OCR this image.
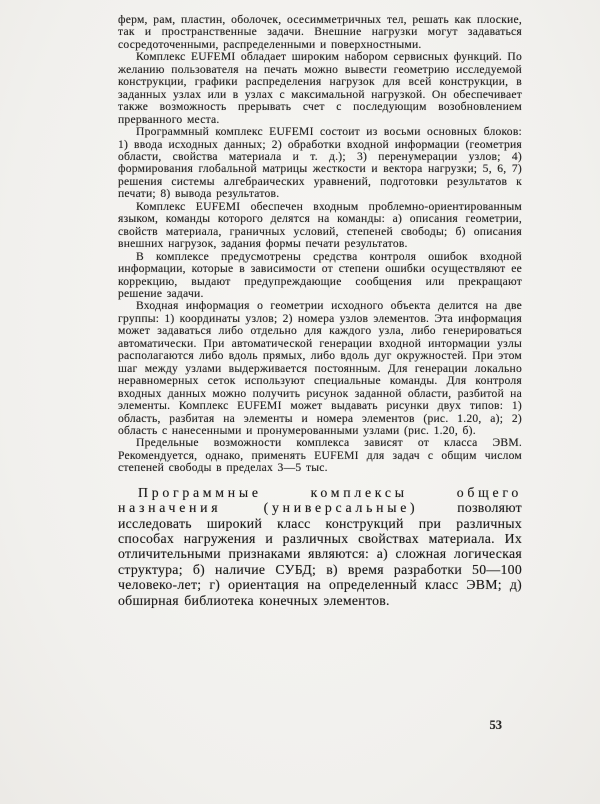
ферм, рам, пластин, оболочек, осесимметричных тел, решать как плоские, так и пространственные задачи. Внешние нагрузки могут задаваться сосредоточенными, распределенными и поверхностными.

Комплекс EUFEMI обладает широким набором сервисных функций. По желанию пользователя на печать можно вывести геометрию исследуемой конструкции, графики распределения нагрузок для всей конструкции, в заданных узлах или в узлах с максимальной нагрузкой. Он обеспечивает также возможность прерывать счет с последующим возобновлением прерванного места.

Программный комплекс EUFEMI состоит из восьми основных блоков: 1) ввода исходных данных; 2) обработки входной информации (геометрия области, свойства материала и т. д.); 3) перенумерации узлов; 4) формирования глобальной матрицы жесткости и вектора нагрузки; 5, 6, 7) решения системы алгебраических уравнений, подготовки результатов к печати; 8) вывода результатов.

Комплекс EUFEMI обеспечен входным проблемно-ориентированным языком, команды которого делятся на команды: а) описания геометрии, свойств материала, граничных условий, степеней свободы; б) описания внешних нагрузок, задания формы печати результатов.

В комплексе предусмотрены средства контроля ошибок входной информации, которые в зависимости от степени ошибки осуществляют ее коррекцию, выдают предупреждающие сообщения или прекращают решение задачи.

Входная информация о геометрии исходного объекта делится на две группы: 1) координаты узлов; 2) номера узлов элементов. Эта информация может задаваться либо отдельно для каждого узла, либо генерироваться автоматически. При автоматической генерации входной интормации узлы располагаются либо вдоль прямых, либо вдоль дуг окружностей. При этом шаг между узлами выдерживается постоянным. Для генерации локально неравномерных сеток используют специальные команды. Для контроля входных данных можно получить рисунок заданной области, разбитой на элементы. Комплекс EUFEMI может выдавать рисунки двух типов: 1) область, разбитая на элементы и номера элементов (рис. 1.20, а); 2) область с нанесенными и пронумерованными узлами (рис. 1.20, б).

Предельные возможности комплекса зависят от класса ЭВМ. Рекомендуется, однако, применять EUFEMI для задач с общим числом степеней свободы в пределах 3—5 тыс.

Программные комплексы общего назначения (универсальные)	позволяют исследовать широкий класс конструкций при различных способах нагружения и различных свойствах материала. Их отличительными признаками являются: а) сложная логическая структура; б) наличие СУБД; в) время разработки 50—100 человеко-лет; г) ориентация на определенный класс ЭВМ; д) обширная библиотека конечных элементов.

53
